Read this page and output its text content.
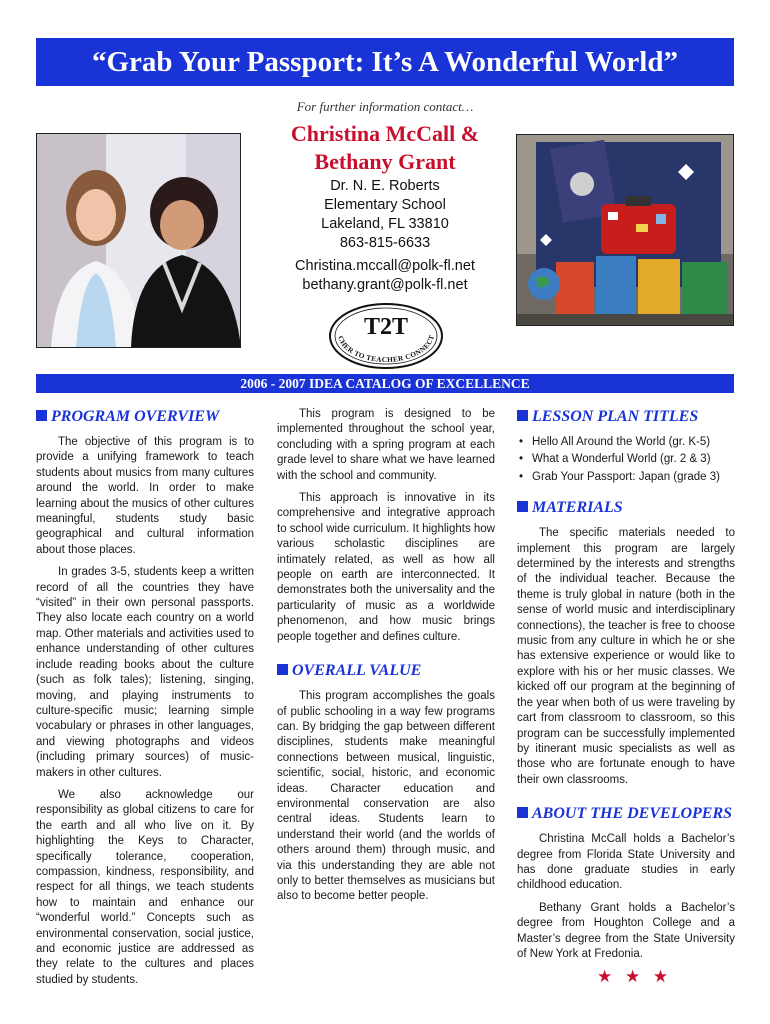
“Grab Your Passport: It’s A Wonderful World”
For further information contact…
Christina McCall &
Bethany Grant
Dr. N. E. Roberts
Elementary School
Lakeland, FL 33810
863-815-6633
Christina.mccall@polk-fl.net
bethany.grant@polk-fl.net
T2T
CHER TO TEACHER CONNECT
2006 - 2007 IDEA CATALOG OF EXCELLENCE
PROGRAM OVERVIEW

The objective of this program is to provide a unifying framework to teach students about musics from many cultures around the world. In order to make learning about the musics of other cultures meaningful, students study basic geographical and cultural information about those places.

In grades 3-5, students keep a written record of all the countries they have “visited” in their own personal passports. They also locate each country on a world map. Other materials and activities used to enhance understanding of other cultures include reading books about the culture (such as folk tales); listening, singing, moving, and playing instruments to culture-specific music; learning simple vocabulary or phrases in other languages, and viewing photographs and videos (including primary sources) of music-makers in other cultures.

We also acknowledge our responsibility as global citizens to care for the earth and all who live on it. By highlighting the Keys to Character, specifically tolerance, cooperation, compassion, kindness, responsibility, and respect for all things, we teach students how to maintain and enhance our “wonderful world.” Concepts such as environmental conservation, social justice, and economic justice are addressed as they relate to the cultures and places studied by students.

This program is designed to be implemented throughout the school year, concluding with a spring program at each grade level to share what we have learned with the school and community.

This approach is innovative in its comprehensive and integrative approach to school wide curriculum. It highlights how various scholastic disciplines are intimately related, as well as how all people on earth are interconnected. It demonstrates both the universality and the particularity of music as a worldwide phenomenon, and how music brings people together and defines culture.

OVERALL VALUE

This program accomplishes the goals of public schooling in a way few programs can. By bridging the gap between different disciplines, students make meaningful connections between musical, linguistic, scientific, social, historic, and economic ideas. Character education and environmental conservation are also central ideas. Students learn to understand their world (and the worlds of others around them) through music, and via this understanding they are able not only to better themselves as musicians but also to become better people.

LESSON PLAN TITLES
• Hello All Around the World (gr. K-5)
• What a Wonderful World (gr. 2 & 3)
• Grab Your Passport: Japan (grade 3)
MATERIALS

The specific materials needed to implement this program are largely determined by the interests and strengths of the individual teacher. Because the theme is truly global in nature (both in the sense of world music and interdisciplinary connections), the teacher is free to choose music from any culture in which he or she has extensive experience or would like to explore with his or her music classes. We kicked off our program at the beginning of the year when both of us were traveling by cart from classroom to classroom, so this program can be successfully implemented by itinerant music specialists as well as those who are fortunate enough to have their own classrooms.

ABOUT THE DEVELOPERS

Christina McCall holds a Bachelor’s degree from Florida State University and has done graduate studies in early childhood education.

Bethany Grant holds a Bachelor’s degree from Houghton College and a Master’s degree from the State University of New York at Fredonia.

★ ★ ★
